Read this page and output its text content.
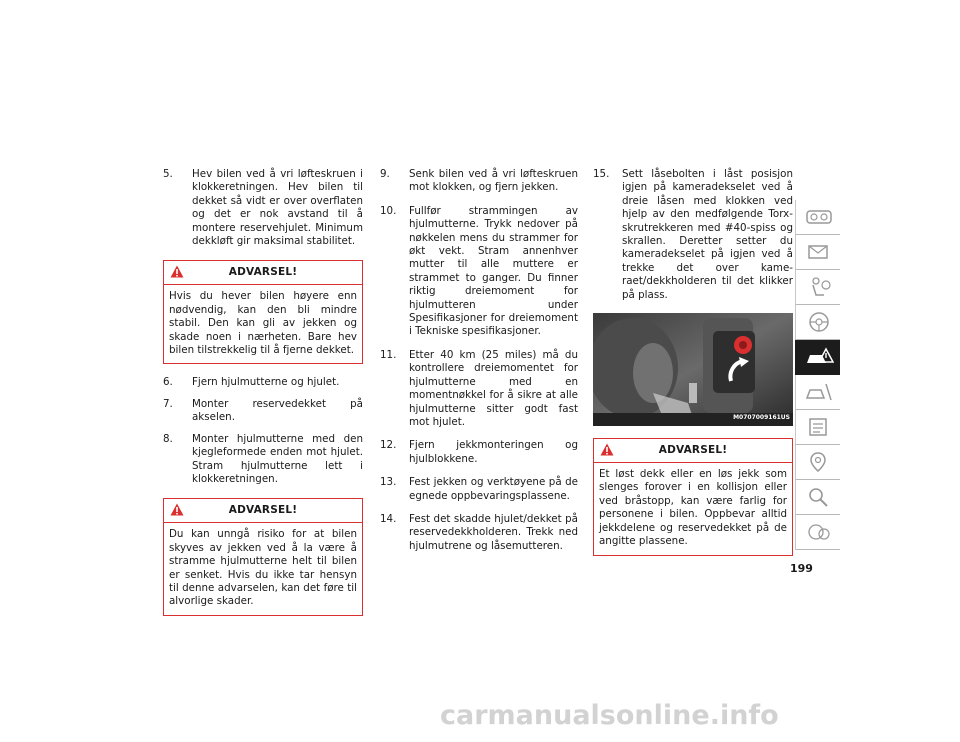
5. Hev bilen ved å vri løfteskruen i klokkeretningen. Hev bilen til dekket så vidt er over overflaten og det er nok avstand til å montere reservehjulet. Minimum dekkløft gir maksimal stabilitet.
ADVARSEL!
Hvis du hever bilen høyere enn nødvendig, kan den bli mindre stabil. Den kan gli av jekken og skade noen i nærheten. Bare hev bilen tilstrekkelig til å fjerne dekket.
6. Fjern hjulmutterne og hjulet.
7. Monter reservedekket på akselen.
8. Monter hjulmutterne med den kjegleformede enden mot hjulet. Stram hjulmutterne lett i klokkeretningen.
ADVARSEL!
Du kan unngå risiko for at bilen skyves av jekken ved å la være å stramme hjulmutterne helt til bilen er senket. Hvis du ikke tar hensyn til denne advarselen, kan det føre til alvorlige skader.
9. Senk bilen ved å vri løfteskruen mot klokken, og fjern jekken.
10. Fullfør strammingen av hjulmutterne. Trykk nedover på nøkkelen mens du strammer for økt vekt. Stram annenhver mutter til alle muttere er strammet to ganger. Du finner riktig dreiemoment for hjulmutteren under Spesifikasjoner for dreiemoment i Tekniske spesifikasjoner.
11. Etter 40 km (25 miles) må du kontrollere dreiemomentet for hjulmutterne med en momentnøkkel for å sikre at alle hjulmutterne sitter godt fast mot hjulet.
12. Fjern jekkmonteringen og hjulblokkene.
13. Fest jekken og verktøyene på de egnede oppbevaringsplassene.
14. Fest det skadde hjulet/dekket på reservedekkholderen. Trekk ned hjulmutrene og låsemutteren.
15. Sett låsebolten i låst posisjon igjen på kameradekselet ved å dreie låsen med klokken ved hjelp av den medfølgende Torx-skrutrekkeren med #40-spiss og skrallen. Deretter setter du kameradekselet på igjen ved å trekke det over kameraet/dekkholderen til det klikker på plass.
M0707009161US
ADVARSEL!
Et løst dekk eller en løs jekk som slenges forover i en kollisjon eller ved bråstopp, kan være farlig for personene i bilen. Oppbevar alltid jekkdelene og reservedekket på de angitte plassene.
199
carmanualsonline.info
